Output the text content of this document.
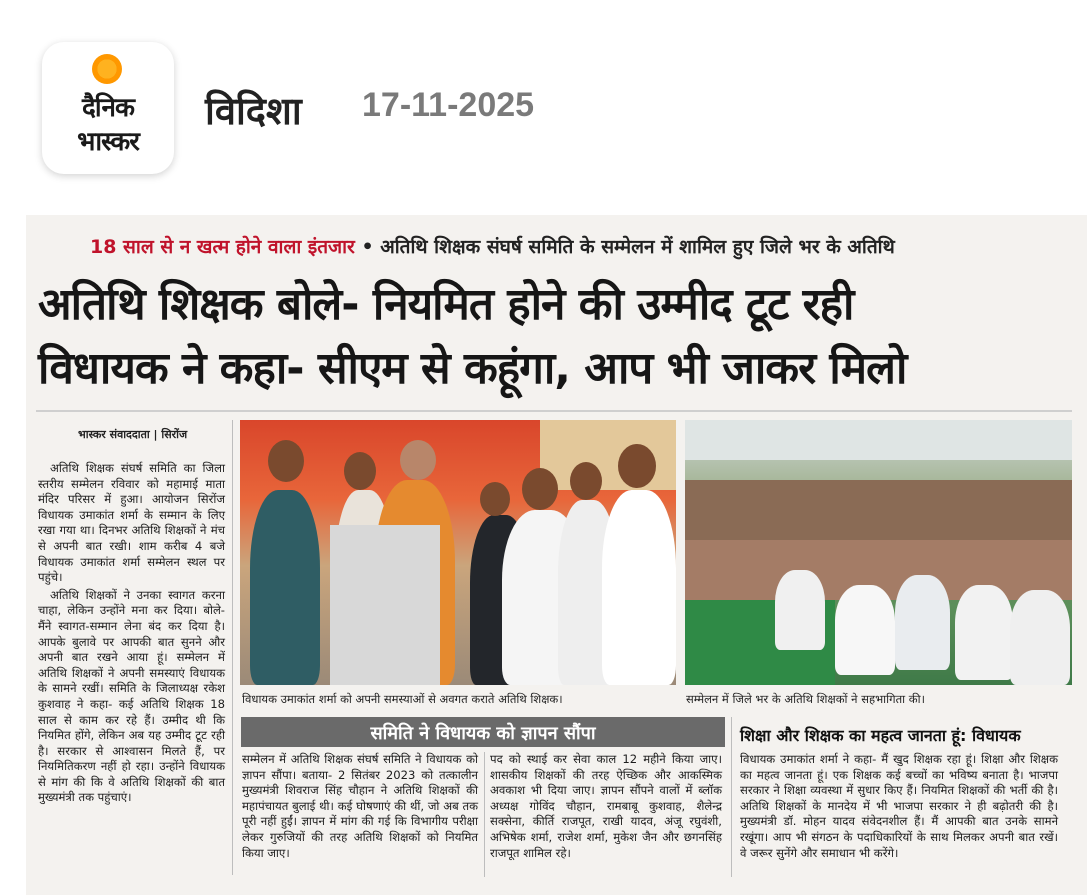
दैनिक
भास्कर
विदिशा 17-11-2025
18 साल से न खत्म होने वाला इंतजार • अतिथि शिक्षक संघर्ष समिति के सम्मेलन में शामिल हुए जिले भर के अतिथि
अतिथि शिक्षक बोले- नियमित होने की उम्मीद टूट रही
विधायक ने कहा- सीएम से कहूंगा, आप भी जाकर मिलो
भास्कर संवाददाता | सिरोंज

अतिथि शिक्षक संघर्ष समिति का जिला स्तरीय सम्मेलन रविवार को महामाई माता मंदिर परिसर में हुआ। आयोजन सिरोंज विधायक उमाकांत शर्मा के सम्मान के लिए रखा गया था। दिनभर अतिथि शिक्षकों ने मंच से अपनी बात रखी। शाम करीब 4 बजे विधायक उमाकांत शर्मा सम्मेलन स्थल पर पहुंचे।

अतिथि शिक्षकों ने उनका स्वागत करना चाहा, लेकिन उन्होंने मना कर दिया। बोले- मैंने स्वागत-सम्मान लेना बंद कर दिया है। आपके बुलावे पर आपकी बात सुनने और अपनी बात रखने आया हूं। सम्मेलन में अतिथि शिक्षकों ने अपनी समस्याएं विधायक के सामने रखीं। समिति के जिलाध्यक्ष रकेश कुशवाह ने कहा- कई अतिथि शिक्षक 18 साल से काम कर रहे हैं। उम्मीद थी कि नियमित होंगे, लेकिन अब यह उम्मीद टूट रही है। सरकार से आश्वासन मिलते हैं, पर नियमितिकरण नहीं हो रहा। उन्होंने विधायक से मांग की कि वे अतिथि शिक्षकों की बात मुख्यमंत्री तक पहुंचाएं।

विधायक उमाकांत शर्मा को अपनी समस्याओं से अवगत कराते अतिथि शिक्षक।	सम्मेलन में जिले भर के अतिथि शिक्षकों ने सहभागिता की।
समिति ने विधायक को ज्ञापन सौंपा	शिक्षा और शिक्षक का महत्व जानता हूं: विधायक
सम्मेलन में अतिथि शिक्षक संघर्ष समिति ने विधायक को ज्ञापन सौंपा। बताया- 2 सितंबर 2023 को तत्कालीन मुख्यमंत्री शिवराज सिंह चौहान ने अतिथि शिक्षकों की महापंचायत बुलाई थी। कई घोषणाएं की थीं, जो अब तक पूरी नहीं हुईं। ज्ञापन में मांग की गई कि विभागीय परीक्षा लेकर गुरुजियों की तरह अतिथि शिक्षकों को नियमित किया जाए।
पद को स्थाई कर सेवा काल 12 महीने किया जाए। शासकीय शिक्षकों की तरह ऐच्छिक और आकस्मिक अवकाश भी दिया जाए। ज्ञापन सौंपने वालों में ब्लॉक अध्यक्ष गोविंद चौहान, रामबाबू कुशवाह, शैलेन्द्र सक्सेना, कीर्ति राजपूत, राखी यादव, अंजू रघुवंशी, अभिषेक शर्मा, राजेश शर्मा, मुकेश जैन और छगनसिंह राजपूत शामिल रहे।
विधायक उमाकांत शर्मा ने कहा- मैं खुद शिक्षक रहा हूं। शिक्षा और शिक्षक का महत्व जानता हूं। एक शिक्षक कई बच्चों का भविष्य बनाता है। भाजपा सरकार ने शिक्षा व्यवस्था में सुधार किए हैं। नियमित शिक्षकों की भर्ती की है। अतिथि शिक्षकों के मानदेय में भी भाजपा सरकार ने ही बढ़ोतरी की है। मुख्यमंत्री डॉ. मोहन यादव संवेदनशील हैं। मैं आपकी बात उनके सामने रखूंगा। आप भी संगठन के पदाधिकारियों के साथ मिलकर अपनी बात रखें। वे जरूर सुनेंगे और समाधान भी करेंगे।
